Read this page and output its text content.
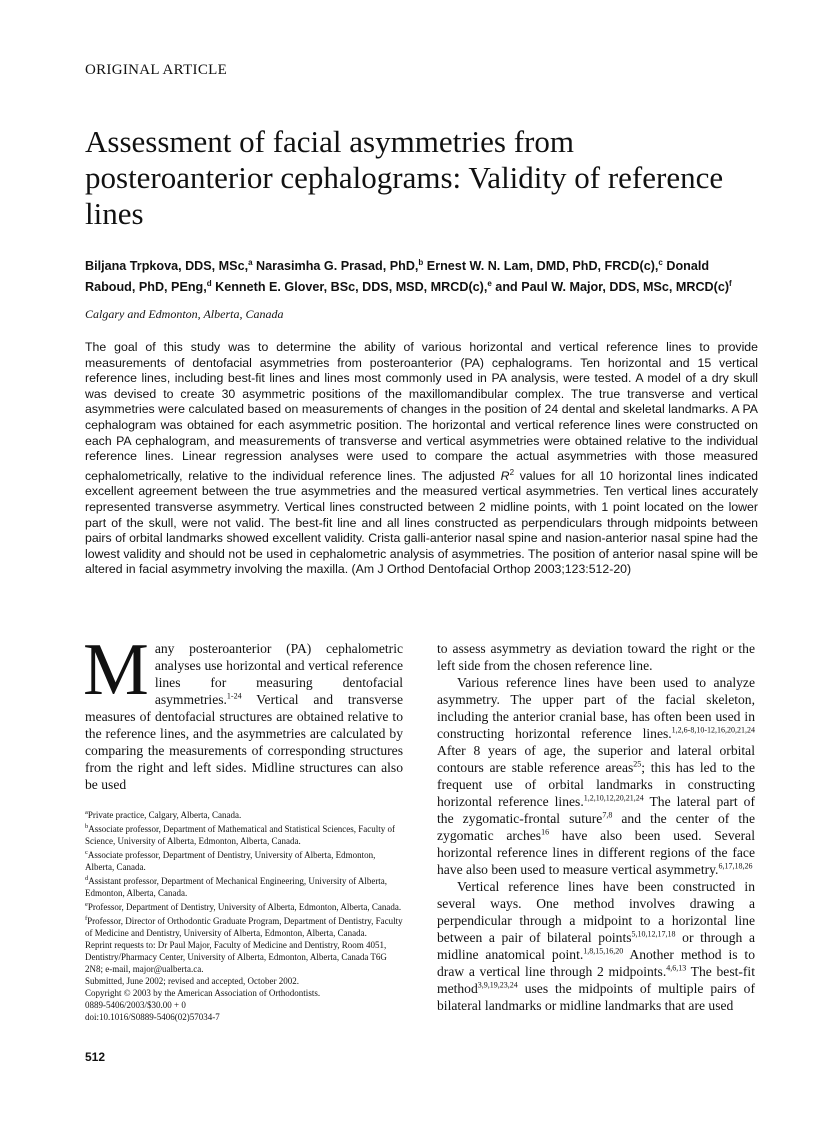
ORIGINAL ARTICLE
Assessment of facial asymmetries from posteroanterior cephalograms: Validity of reference lines
Biljana Trpkova, DDS, MSc,$^a$ Narasimha G. Prasad, PhD,$^b$ Ernest W. N. Lam, DMD, PhD, FRCD(c),$^c$ Donald Raboud, PhD, PEng,$^d$ Kenneth E. Glover, BSc, DDS, MSD, MRCD(c),$^e$ and Paul W. Major, DDS, MSc, $MRCD(c)^f$
Calgary and Edmonton, Alberta, Canada

The goal of this study was to determine the ability of various horizontal and vertical reference lines to provide measurements of dentofacial asymmetries from posteroanterior (PA) cephalograms. Ten horizontal and 15 vertical reference lines, including best-fit lines and lines most commonly used in PA analysis, were tested. A model of a dry skull was devised to create 30 asymmetric positions of the maxillomandibular complex. The true transverse and vertical asymmetries were calculated based on measurements of changes in the position of 24 dental and skeletal landmarks. A PA cephalogram was obtained for each asymmetric position. The horizontal and vertical reference lines were constructed on each PA cephalogram, and measurements of transverse and vertical asymmetries were obtained relative to the individual reference lines. Linear regression analyses were used to compare the actual asymmetries with those measured cephalometrically, relative to the individual reference lines. The adjusted $R^2$ values for all 10 horizontal lines indicated excellent agreement between the true asymmetries and the measured vertical asymmetries. Ten vertical lines accurately represented transverse asymmetry. Vertical lines constructed between 2 midline points, with 1 point located on the lower part of the skull, were not valid. The best-fit line and all lines constructed as perpendiculars through midpoints between pairs of orbital landmarks showed excellent validity. Crista galli-anterior nasal spine and nasion-anterior nasal spine had the lowest validity and should not be used in cephalometric analysis of asymmetries. The position of anterior nasal spine will be altered in facial asymmetry involving the maxilla. (Am J Orthod Dentofacial Orthop 2003;123:512-20)

Many posteroanterior (PA) cephalometric analyses use horizontal and vertical reference lines for measuring dentofacial asymmetries.$^{1-24}$ Vertical and transverse measures of dentofacial structures are obtained relative to the reference lines, and the asymmetries are calculated by comparing the measurements of corresponding structures from the right and left sides. Midline structures can also be used

$^a$Private practice, Calgary, Alberta, Canada.
$^b$Associate professor, Department of Mathematical and Statistical Sciences, Faculty of Science, University of Alberta, Edmonton, Alberta, Canada.
$^c$Associate professor, Department of Dentistry, University of Alberta, Edmonton, Alberta, Canada.
$^d$Assistant professor, Department of Mechanical Engineering, University of Alberta, Edmonton, Alberta, Canada.
$^e$Professor, Department of Dentistry, University of Alberta, Edmonton, Alberta, Canada.
$^f$Professor, Director of Orthodontic Graduate Program, Department of Dentistry, Faculty of Medicine and Dentistry, University of Alberta, Edmonton, Alberta, Canada.
Reprint requests to: Dr Paul Major, Faculty of Medicine and Dentistry, Room 4051, Dentistry/Pharmacy Center, University of Alberta, Edmonton, Alberta, Canada T6G 2N8; e-mail, major@ualberta.ca.
Submitted, June 2002; revised and accepted, October 2002.
Copyright © 2003 by the American Association of Orthodontists.
0889-5406/2003/$30.00 + 0
doi:10.1016/S0889-5406(02)57034-7

to assess asymmetry as deviation toward the right or the left side from the chosen reference line.

Various reference lines have been used to analyze asymmetry. The upper part of the facial skeleton, including the anterior cranial base, has often been used in constructing horizontal reference lines.$^{1,2,6-8,10-12,16,20,21,24}$ After 8 years of age, the superior and lateral orbital contours are stable reference areas$^{25}$; this has led to the frequent use of orbital landmarks in constructing horizontal reference lines.$^{1,2,10,12,20,21,24}$ The lateral part of the zygomatic-frontal suture$^{7,8}$ and the center of the zygomatic arches$^{16}$ have also been used. Several horizontal reference lines in different regions of the face have also been used to measure vertical asymmetry.$^{6,17,18,26}$

Vertical reference lines have been constructed in several ways. One method involves drawing a perpendicular through a midpoint to a horizontal line between a pair of bilateral points$^{5,10,12,17,18}$ or through a midline anatomical point.$^{1,8,15,16,20}$ Another method is to draw a vertical line through 2 midpoints.$^{4,6,13}$ The best-fit method$^{3,9,19,23,24}$ uses the midpoints of multiple pairs of bilateral landmarks or midline landmarks that are used

512
